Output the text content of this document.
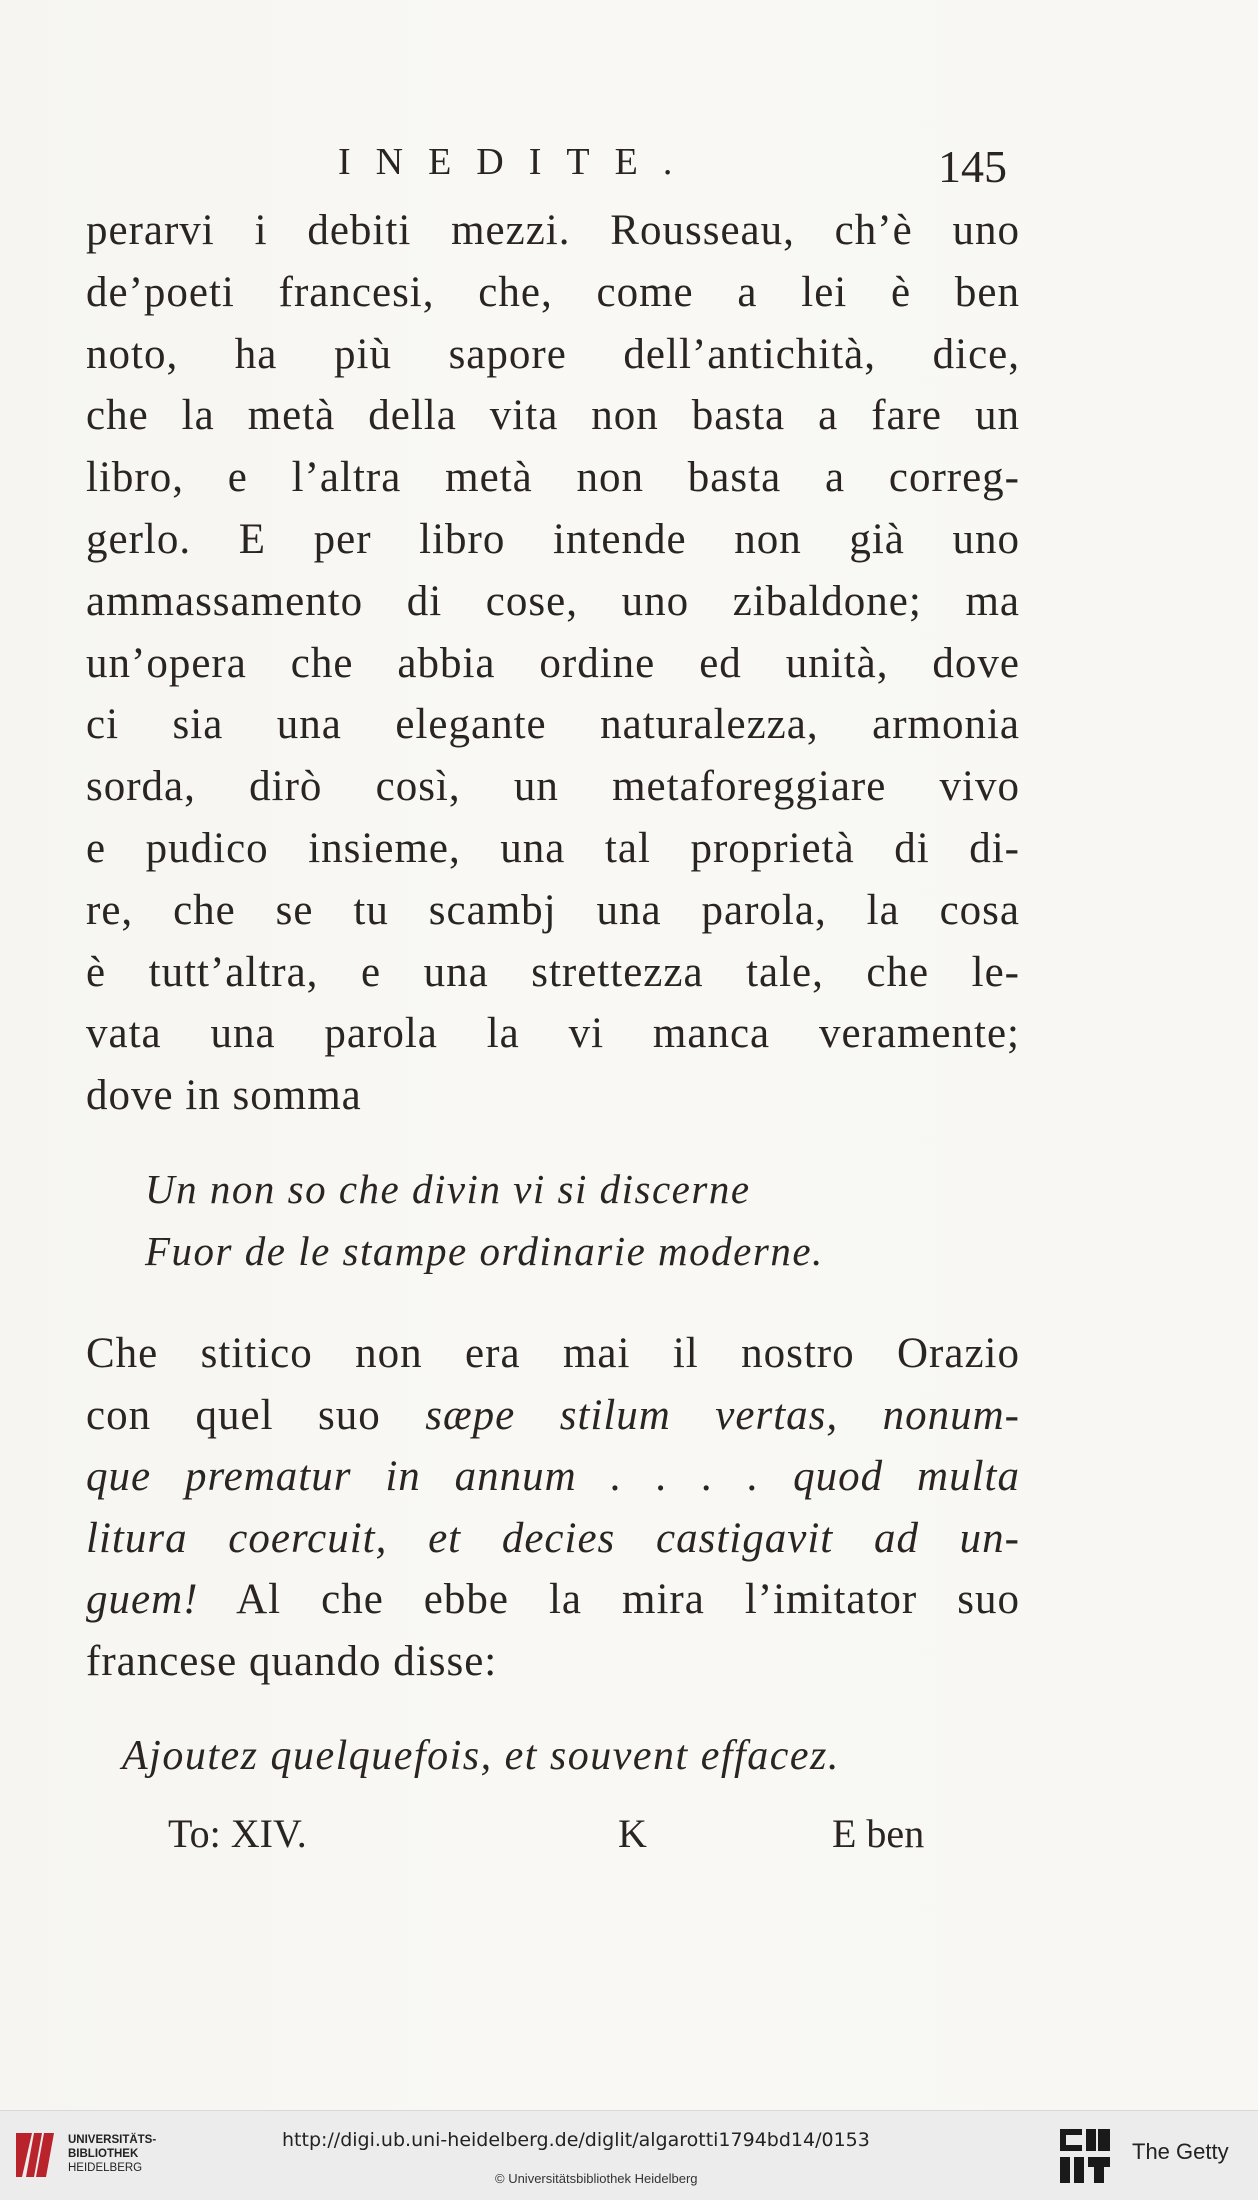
INEDITE.	145
perarvi i debiti mezzi. Rousseau, ch’è uno
de’poeti francesi, che, come a lei è ben
noto, ha più sapore dell’antichità, dice,
che la metà della vita non basta a fare un
libro, e l’altra metà non basta a correg-
gerlo. E per libro intende non già uno
ammassamento di cose, uno zibaldone; ma
un’opera che abbia ordine ed unità, dove
ci sia una elegante naturalezza, armonia
sorda, dirò così, un metaforeggiare vivo
e pudico insieme, una tal proprietà di di-
re, che se tu scambj una parola, la cosa
è tutt’altra, e una strettezza tale, che le-
vata una parola la vi manca veramente;
dove in somma
Un non so che divin vi si discerne
Fuor de le stampe ordinarie moderne.
Che stitico non era mai il nostro Orazio
con quel suo sæpe stilum vertas, nonum-
que prematur in annum . . . . quod multa
litura coercuit, et decies castigavit ad un-
guem! Al che ebbe la mira l’imitator suo
francese quando disse:
Ajoutez quelquefois, et souvent effacez.
To: XIV.	K	E ben
UNIVERSITÄTS-
BIBLIOTHEK
HEIDELBERG
http://digi.ub.uni-heidelberg.de/diglit/algarotti1794bd14/0153
© Universitätsbibliothek Heidelberg
The Getty
